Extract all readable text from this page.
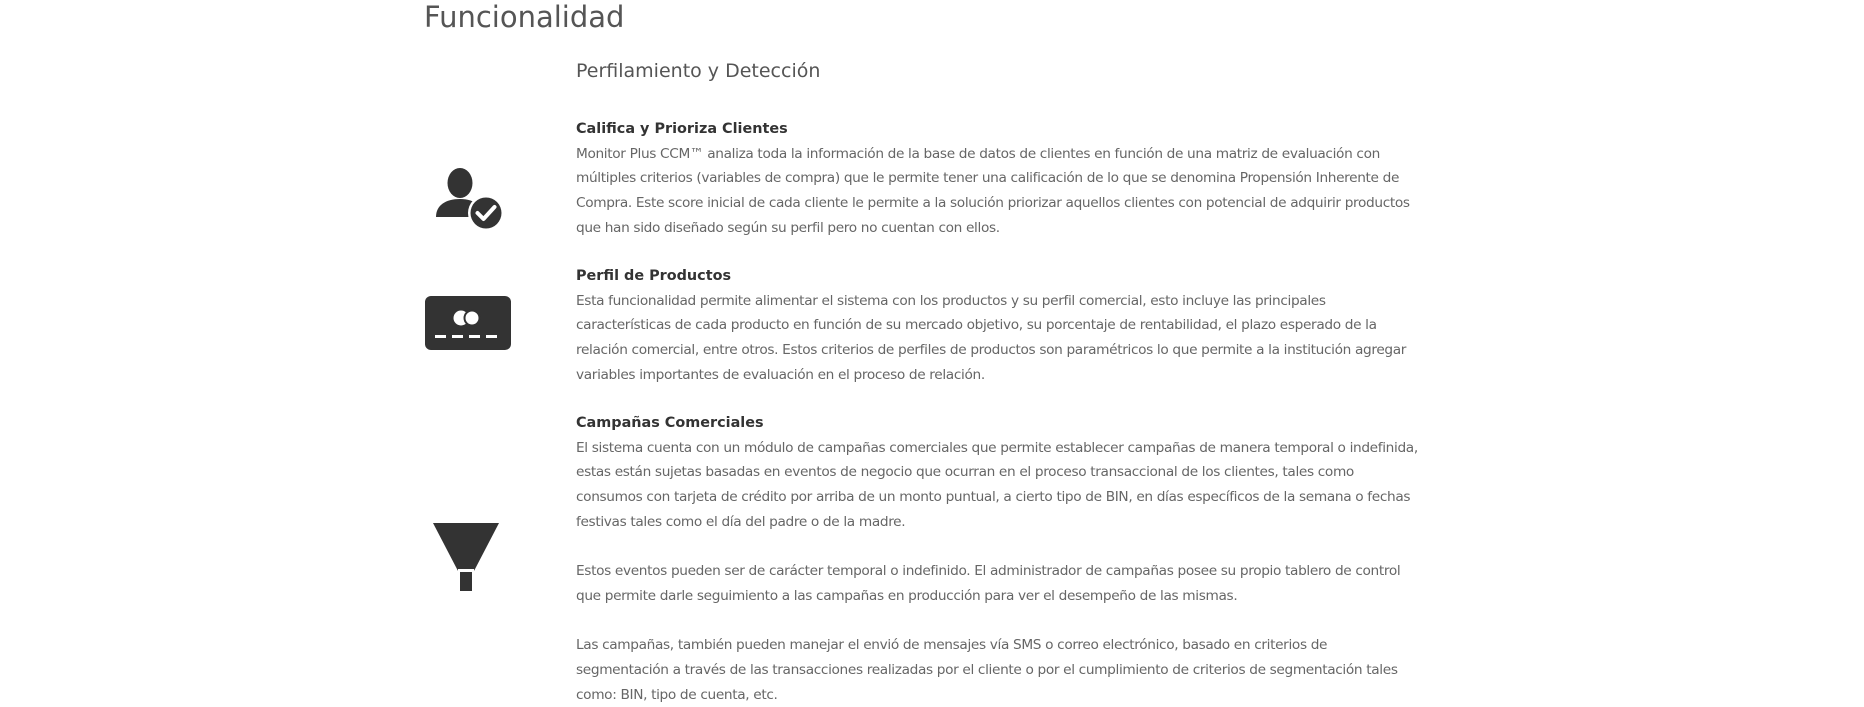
Funcionalidad
Perfilamiento y Detección
Califica y Prioriza Clientes

Monitor Plus CCM™ analiza toda la información de la base de datos de clientes en función de una matriz de evaluación con múltiples criterios (variables de compra) que le permite tener una calificación de lo que se denomina Propensión Inherente de Compra. Este score inicial de cada cliente le permite a la solución priorizar aquellos clientes con potencial de adquirir productos que han sido diseñado según su perfil pero no cuentan con ellos.

Perfil de Productos

Esta funcionalidad permite alimentar el sistema con los productos y su perfil comercial, esto incluye las principales características de cada producto en función de su mercado objetivo, su porcentaje de rentabilidad, el plazo esperado de la relación comercial, entre otros. Estos criterios de perfiles de productos son paramétricos lo que permite a la institución agregar variables importantes de evaluación en el proceso de relación.

Campañas Comerciales

El sistema cuenta con un módulo de campañas comerciales que permite establecer campañas de manera temporal o indefinida, estas están sujetas basadas en eventos de negocio que ocurran en el proceso transaccional de los clientes, tales como consumos con tarjeta de crédito por arriba de un monto puntual, a cierto tipo de BIN, en días específicos de la semana o fechas festivas tales como el día del padre o de la madre.

Estos eventos pueden ser de carácter temporal o indefinido. El administrador de campañas posee su propio tablero de control que permite darle seguimiento a las campañas en producción para ver el desempeño de las mismas.

Las campañas, también pueden manejar el envió de mensajes vía SMS o correo electrónico, basado en criterios de segmentación a través de las transacciones realizadas por el cliente o por el cumplimiento de criterios de segmentación tales como: BIN, tipo de cuenta, etc.
